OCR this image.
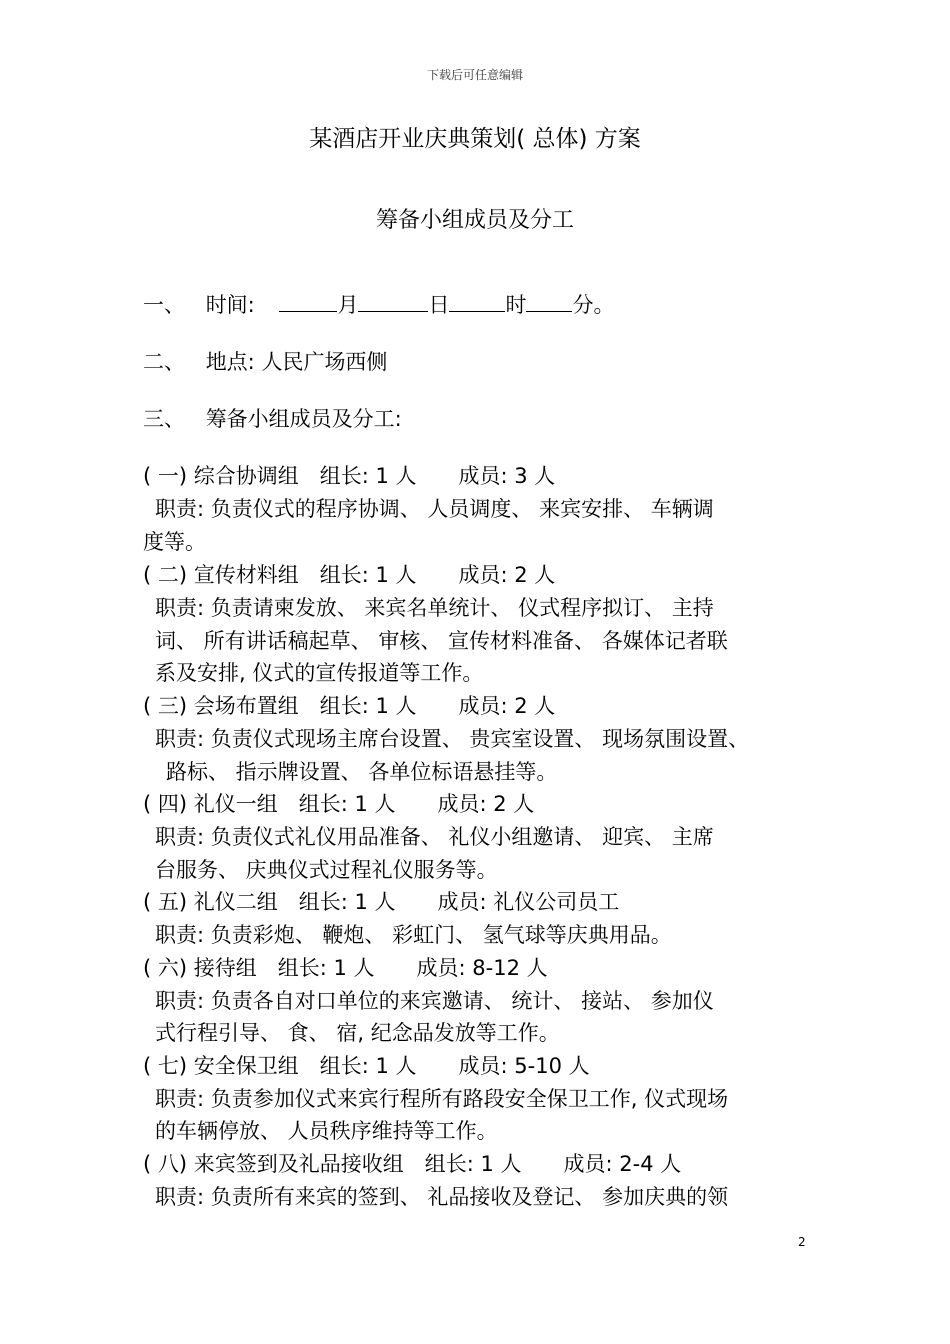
下载后可任意编辑
某酒店开业庆典策划( 总体) 方案
筹备小组成员及分工
一、 时间:	月	日	时 分。
二、 地点: 人民广场西侧
三、 筹备小组成员及分工:
( 一) 综合协调组　组长: 1 人　　成员: 3 人
职责: 负责仪式的程序协调、 人员调度、 来宾安排、 车辆调
度等。
( 二) 宣传材料组　组长: 1 人　　成员: 2 人
职责: 负责请柬发放、 来宾名单统计、 仪式程序拟订、 主持
词、 所有讲话稿起草、 审核、 宣传材料准备、 各媒体记者联
系及安排, 仪式的宣传报道等工作。
( 三) 会场布置组　组长: 1 人　　成员: 2 人
职责: 负责仪式现场主席台设置、 贵宾室设置、 现场氛围设置、
路标、 指示牌设置、 各单位标语悬挂等。
( 四) 礼仪一组　组长: 1 人　　成员: 2 人
职责: 负责仪式礼仪用品准备、 礼仪小组邀请、 迎宾、 主席
台服务、 庆典仪式过程礼仪服务等。
( 五) 礼仪二组　组长: 1 人　　成员: 礼仪公司员工
职责: 负责彩炮、 鞭炮、 彩虹门、 氢气球等庆典用品。
( 六) 接待组　组长: 1 人　　成员: 8-12 人
职责: 负责各自对口单位的来宾邀请、 统计、 接站、 参加仪
式行程引导、 食、 宿, 纪念品发放等工作。
( 七) 安全保卫组　组长: 1 人　　成员: 5-10 人
职责: 负责参加仪式来宾行程所有路段安全保卫工作, 仪式现场
的车辆停放、 人员秩序维持等工作。
( 八) 来宾签到及礼品接收组　组长: 1 人　　成员: 2-4 人
职责: 负责所有来宾的签到、 礼品接收及登记、 参加庆典的领
2
